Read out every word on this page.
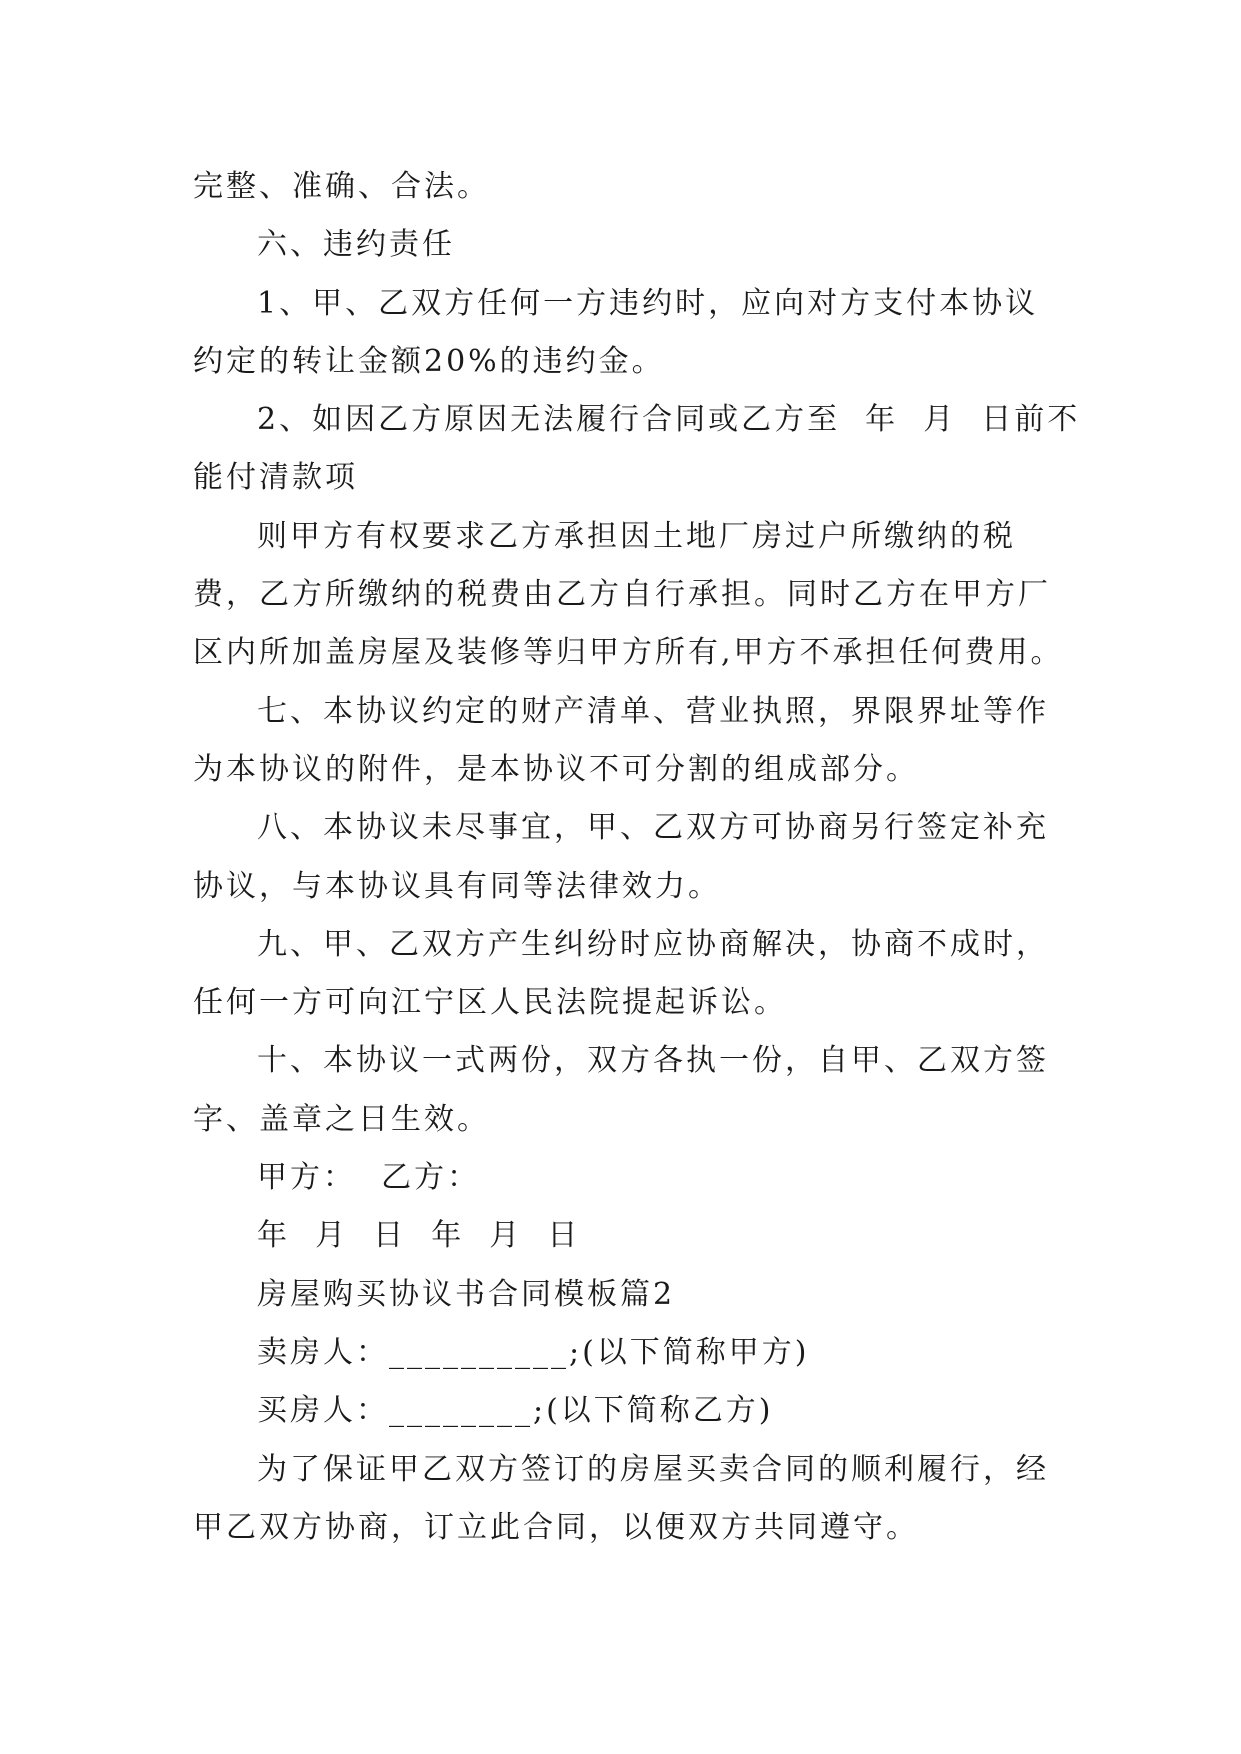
完整、准确、合法。
六、违约责任
1、甲、乙双方任何一方违约时，应向对方支付本协议
约定的转让金额20%的违约金。
2、如因乙方原因无法履行合同或乙方至  年  月  日前不
能付清款项
则甲方有权要求乙方承担因土地厂房过户所缴纳的税
费，乙方所缴纳的税费由乙方自行承担。同时乙方在甲方厂
区内所加盖房屋及装修等归甲方所有,甲方不承担任何费用。
七、本协议约定的财产清单、营业执照，界限界址等作
为本协议的附件，是本协议不可分割的组成部分。
八、本协议未尽事宜，甲、乙双方可协商另行签定补充
协议，与本协议具有同等法律效力。
九、甲、乙双方产生纠纷时应协商解决，协商不成时，
任何一方可向江宁区人民法院提起诉讼。
十、本协议一式两份，双方各执一份，自甲、乙双方签
字、盖章之日生效。
甲方：  乙方：
年  月  日  年  月  日
房屋购买协议书合同模板篇2
卖房人：__________;(以下简称甲方)
买房人：________;(以下简称乙方)
为了保证甲乙双方签订的房屋买卖合同的顺利履行，经
甲乙双方协商，订立此合同，以便双方共同遵守。
